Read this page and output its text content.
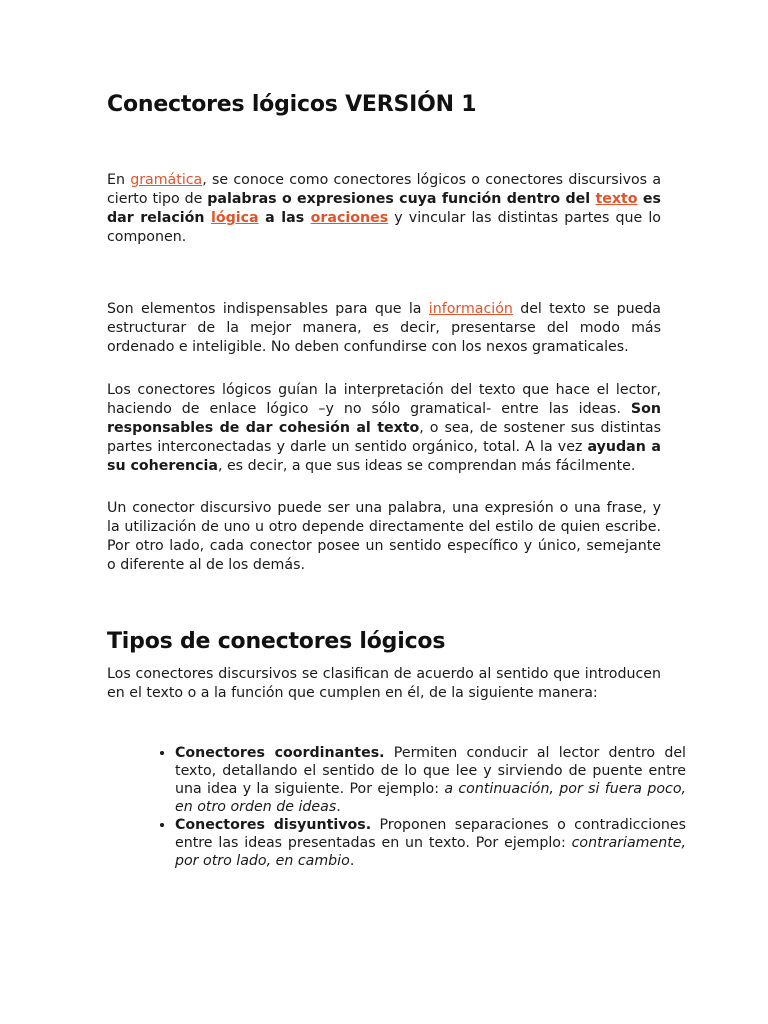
Conectores lógicos VERSIÓN 1

En gramática, se conoce como conectores lógicos o conectores discursivos a cierto tipo de palabras o expresiones cuya función dentro del texto es dar relación lógica a las oraciones y vincular las distintas partes que lo componen.

Son elementos indispensables para que la información del texto se pueda estructurar de la mejor manera, es decir, presentarse del modo más ordenado e inteligible. No deben confundirse con los nexos gramaticales.

Los conectores lógicos guían la interpretación del texto que hace el lector, haciendo de enlace lógico –y no sólo gramatical- entre las ideas. Son responsables de dar cohesión al texto, o sea, de sostener sus distintas partes interconectadas y darle un sentido orgánico, total. A la vez ayudan a su coherencia, es decir, a que sus ideas se comprendan más fácilmente.

Un conector discursivo puede ser una palabra, una expresión o una frase, y la utilización de uno u otro depende directamente del estilo de quien escribe. Por otro lado, cada conector posee un sentido específico y único, semejante o diferente al de los demás.

Tipos de conectores lógicos

Los conectores discursivos se clasifican de acuerdo al sentido que introducen en el texto o a la función que cumplen en él, de la siguiente manera:

• Conectores coordinantes. Permiten conducir al lector dentro del texto, detallando el sentido de lo que lee y sirviendo de puente entre una idea y la siguiente. Por ejemplo: a continuación, por si fuera poco, en otro orden de ideas.
• Conectores disyuntivos. Proponen separaciones o contradicciones entre las ideas presentadas en un texto. Por ejemplo: contrariamente, por otro lado, en cambio.
